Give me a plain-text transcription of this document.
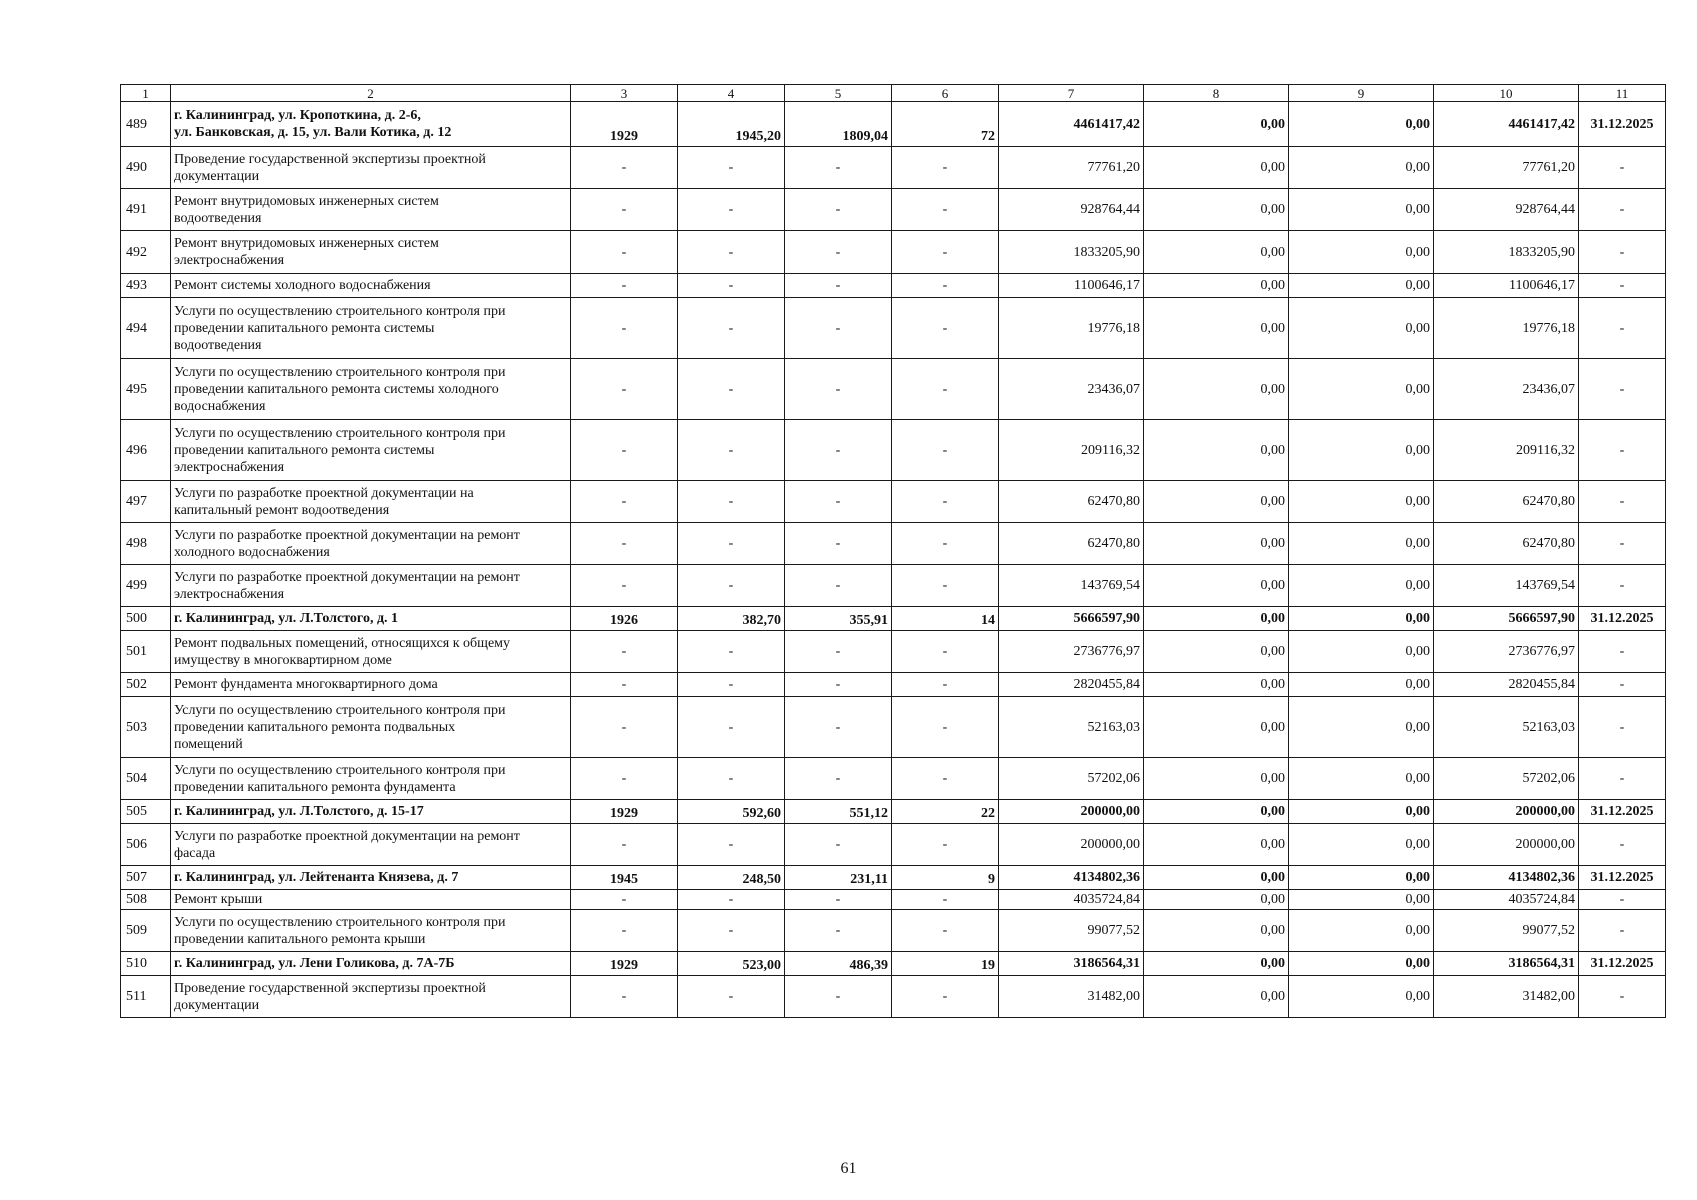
1	2	3	4	5	6	7	8	9	10	11
489	г. Калининград, ул. Кропоткина, д. 2-6,
ул. Банковская, д. 15, ул. Вали Котика, д. 12	1929	1945,20	1809,04	72	4461417,42	0,00	0,00	4461417,42	31.12.2025
490	Проведение государственной экспертизы проектной
документации	-	-	-	-	77761,20	0,00	0,00	77761,20	-
491	Ремонт внутридомовых инженерных систем
водоотведения	-	-	-	-	928764,44	0,00	0,00	928764,44	-
492	Ремонт внутридомовых инженерных систем
электроснабжения	-	-	-	-	1833205,90	0,00	0,00	1833205,90	-
493	Ремонт системы холодного водоснабжения	-	-	-	-	1100646,17	0,00	0,00	1100646,17	-
494	Услуги по осуществлению строительного контроля при
проведении капитального ремонта системы
водоотведения	-	-	-	-	19776,18	0,00	0,00	19776,18	-
495	Услуги по осуществлению строительного контроля при
проведении капитального ремонта системы холодного
водоснабжения	-	-	-	-	23436,07	0,00	0,00	23436,07	-
496	Услуги по осуществлению строительного контроля при
проведении капитального ремонта системы
электроснабжения	-	-	-	-	209116,32	0,00	0,00	209116,32	-
497	Услуги по разработке проектной документации на
капитальный ремонт водоотведения	-	-	-	-	62470,80	0,00	0,00	62470,80	-
498	Услуги по разработке проектной документации на ремонт
холодного водоснабжения	-	-	-	-	62470,80	0,00	0,00	62470,80	-
499	Услуги по разработке проектной документации на ремонт
электроснабжения	-	-	-	-	143769,54	0,00	0,00	143769,54	-
500	г. Калининград, ул. Л.Толстого, д. 1	1926	382,70	355,91	14	5666597,90	0,00	0,00	5666597,90	31.12.2025
501	Ремонт подвальных помещений, относящихся к общему
имуществу в многоквартирном доме	-	-	-	-	2736776,97	0,00	0,00	2736776,97	-
502	Ремонт фундамента многоквартирного дома	-	-	-	-	2820455,84	0,00	0,00	2820455,84	-
503	Услуги по осуществлению строительного контроля при
проведении капитального ремонта подвальных
помещений	-	-	-	-	52163,03	0,00	0,00	52163,03	-
504	Услуги по осуществлению строительного контроля при
проведении капитального ремонта фундамента	-	-	-	-	57202,06	0,00	0,00	57202,06	-
505	г. Калининград, ул. Л.Толстого, д. 15-17	1929	592,60	551,12	22	200000,00	0,00	0,00	200000,00	31.12.2025
506	Услуги по разработке проектной документации на ремонт
фасада	-	-	-	-	200000,00	0,00	0,00	200000,00	-
507	г. Калининград, ул. Лейтенанта Князева, д. 7	1945	248,50	231,11	9	4134802,36	0,00	0,00	4134802,36	31.12.2025
508	Ремонт крыши	-	-	-	-	4035724,84	0,00	0,00	4035724,84	-
509	Услуги по осуществлению строительного контроля при
проведении капитального ремонта крыши	-	-	-	-	99077,52	0,00	0,00	99077,52	-
510	г. Калининград, ул. Лени Голикова, д. 7А-7Б	1929	523,00	486,39	19	3186564,31	0,00	0,00	3186564,31	31.12.2025
511	Проведение государственной экспертизы проектной
документации	-	-	-	-	31482,00	0,00	0,00	31482,00	-
61
